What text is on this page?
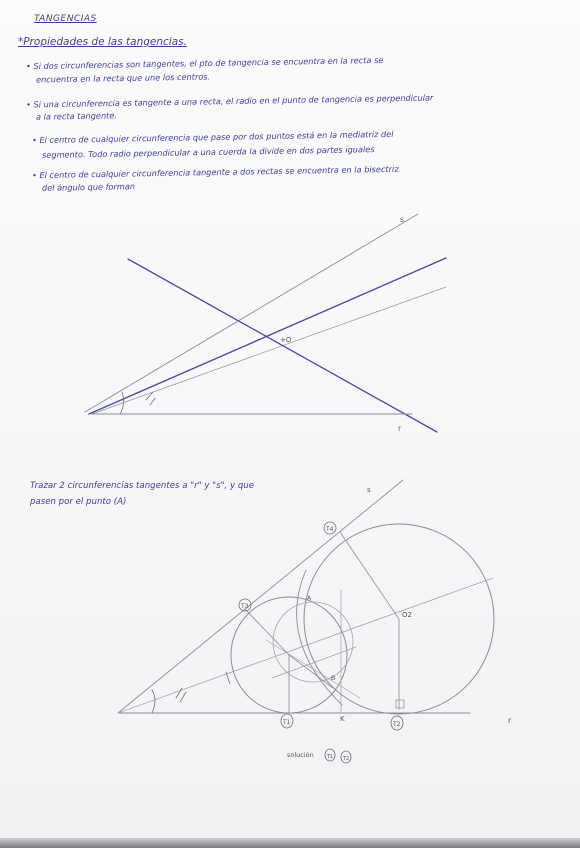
TANGENCIAS
*Propiedades de las tangencias.
• Si dos circunferencias son tangentes, el pto de tangencia se encuentra en la recta se
encuentra en la recta que une los centros.
• Si una circunferencia es tangente a una recta, el radio en el punto de tangencia es perpendicular
a la recta tangente.
• El centro de cualquier circunferencia que pase por dos puntos está en la mediatriz del
segmento. Todo radio perpendicular a una cuerda la divide en dos partes iguales
• El centro de cualquier circunferencia tangente a dos rectas se encuentra en la bisectriz
del ángulo que forman
Trazar 2 circunferencias tangentes a "r" y "s", y que
pasen por el punto (A)
s
r
+O
T3
T4
T1	T2
O2
K
A
B
s
r
solución	T1 T2
